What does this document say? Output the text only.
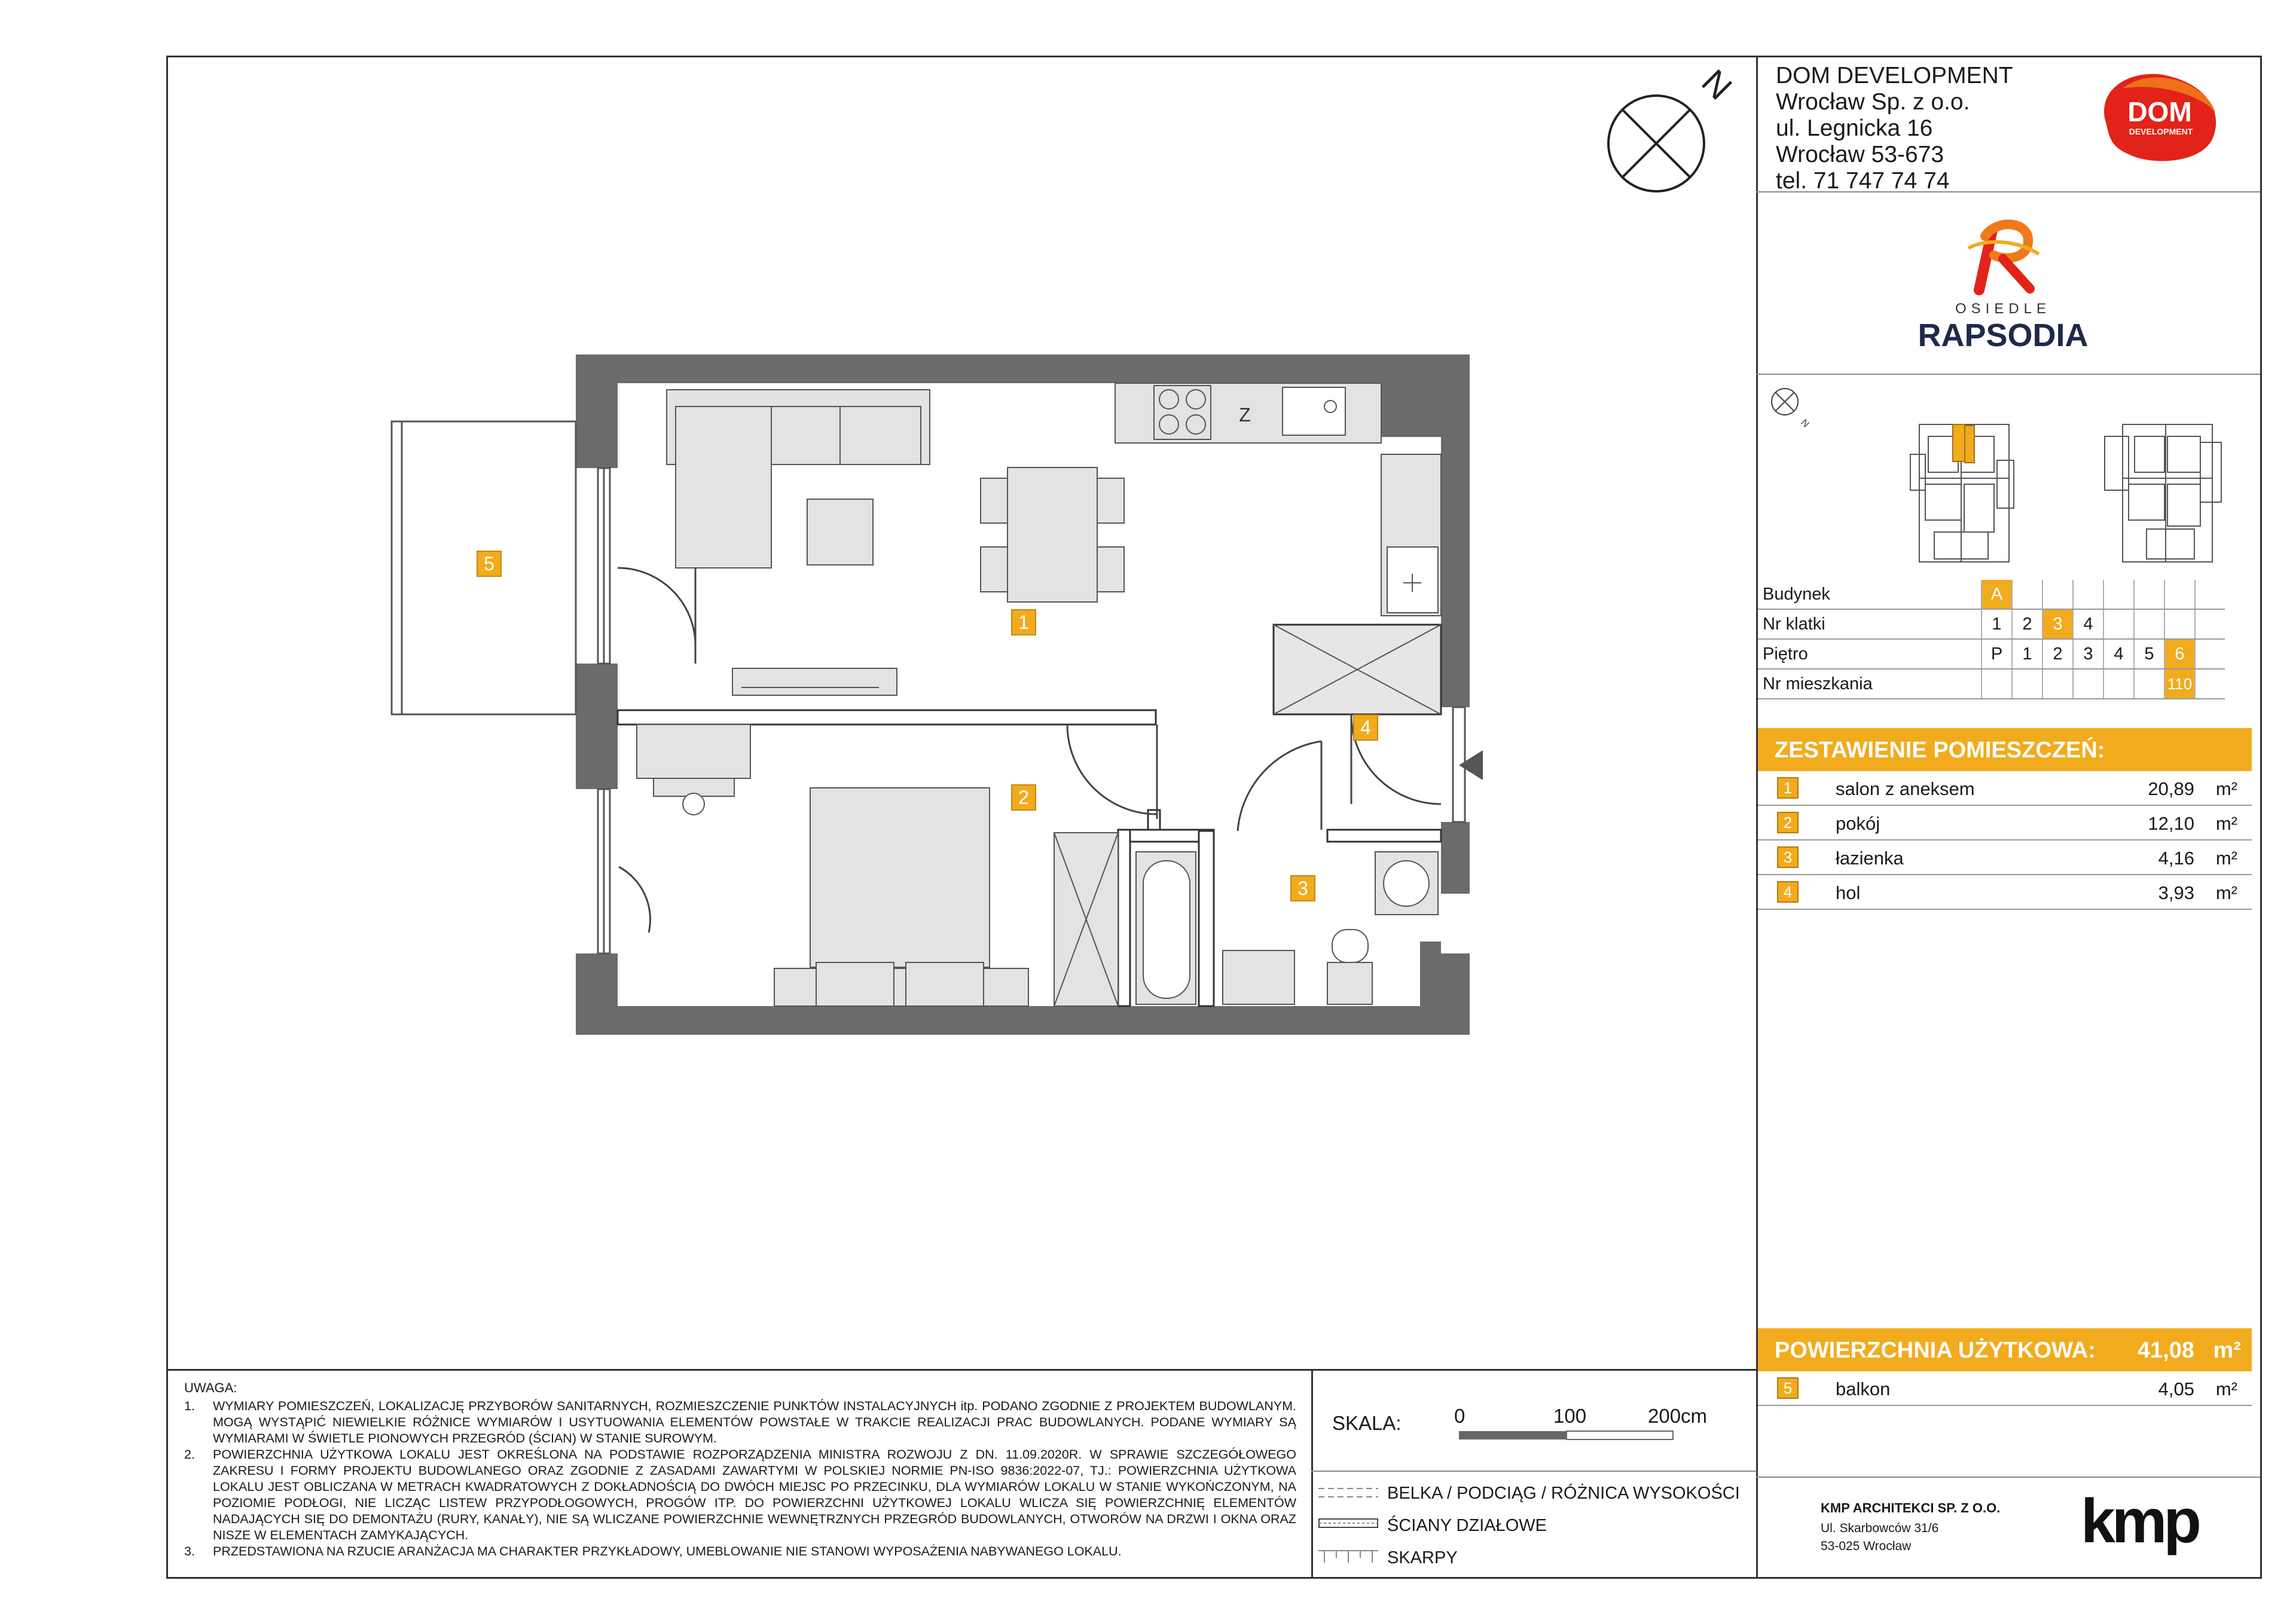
DOM DEVELOPMENT
Wrocław Sp. z o.o.
ul. Legnicka 16
Wrocław 53-673
tel. 71 747 74 74
DOM
DEVELOPMENT
OSIEDLE
RAPSODIA
N
N
Budynek	A							
Nr klatki	1	2	3	4				
Piętro	P	1	2	3	4	5	6	
Nr mieszkania							110	
ZESTAWIENIE POMIESZCZEŃ:
1	salon z aneksem	20,89 m²
2	pokój	12,10 m²
3	łazienka	4,16 m²
4	hol	3,93 m²
POWIERZCHNIA UŻYTKOWA: 41,08 m²
5	balkon	4,05 m²
Z
1
2
3
4
5
UWAGA:
1. WYMIARY POMIESZCZEŃ, LOKALIZACJĘ PRZYBORÓW SANITARNYCH, ROZMIESZCZENIE PUNKTÓW INSTALACYJNYCH itp. PODANO ZGODNIE Z PROJEKTEM BUDOWLANYM. MOGĄ WYSTĄPIĆ NIEWIELKIE RÓŻNICE WYMIARÓW I USYTUOWANIA ELEMENTÓW POWSTAŁE W TRAKCIE REALIZACJI PRAC BUDOWLANYCH. PODANE WYMIARY SĄ WYMIARAMI W ŚWIETLE PIONOWYCH PRZEGRÓD (ŚCIAN) W STANIE SUROWYM.
2. POWIERZCHNIA UŻYTKOWA LOKALU JEST OKREŚLONA NA PODSTAWIE ROZPORZĄDZENIA MINISTRA ROZWOJU Z DN. 11.09.2020R. W SPRAWIE SZCZEGÓŁOWEGO ZAKRESU I FORMY PROJEKTU BUDOWLANEGO ORAZ ZGODNIE Z ZASADAMI ZAWARTYMI W POLSKIEJ NORMIE PN-ISO 9836:2022-07, TJ.: POWIERZCHNIA UŻYTKOWA LOKALU JEST OBLICZANA W METRACH KWADRATOWYCH Z DOKŁADNOŚCIĄ DO DWÓCH MIEJSC PO PRZECINKU, DLA WYMIARÓW LOKALU W STANIE WYKOŃCZONYM, NA POZIOMIE PODŁOGI, NIE LICZĄC LISTEW PRZYPODŁOGOWYCH, PROGÓW ITP. DO POWIERZCHNI UŻYTKOWEJ LOKALU WLICZA SIĘ POWIERZCHNIĘ ELEMENTÓW NADAJĄCYCH SIĘ DO DEMONTAŻU (RURY, KANAŁY), NIE SĄ WLICZANE POWIERZCHNIE WEWNĘTRZNYCH PRZEGRÓD BUDOWLANYCH, OTWORÓW NA DRZWI I OKNA ORAZ NISZE W ELEMENTACH ZAMYKAJĄCYCH.
3. PRZEDSTAWIONA NA RZUCIE ARANŻACJA MA CHARAKTER PRZYKŁADOWY, UMEBLOWANIE NIE STANOWI WYPOSAŻENIA NABYWANEGO LOKALU.
SKALA:	0	100	200cm
BELKA / PODCIĄG / RÓŻNICA WYSOKOŚCI
ŚCIANY DZIAŁOWE
SKARPY
KMP ARCHITEKCI SP. Z O.O.
Ul. Skarbowców 31/6
53-025 Wrocław	kmp
